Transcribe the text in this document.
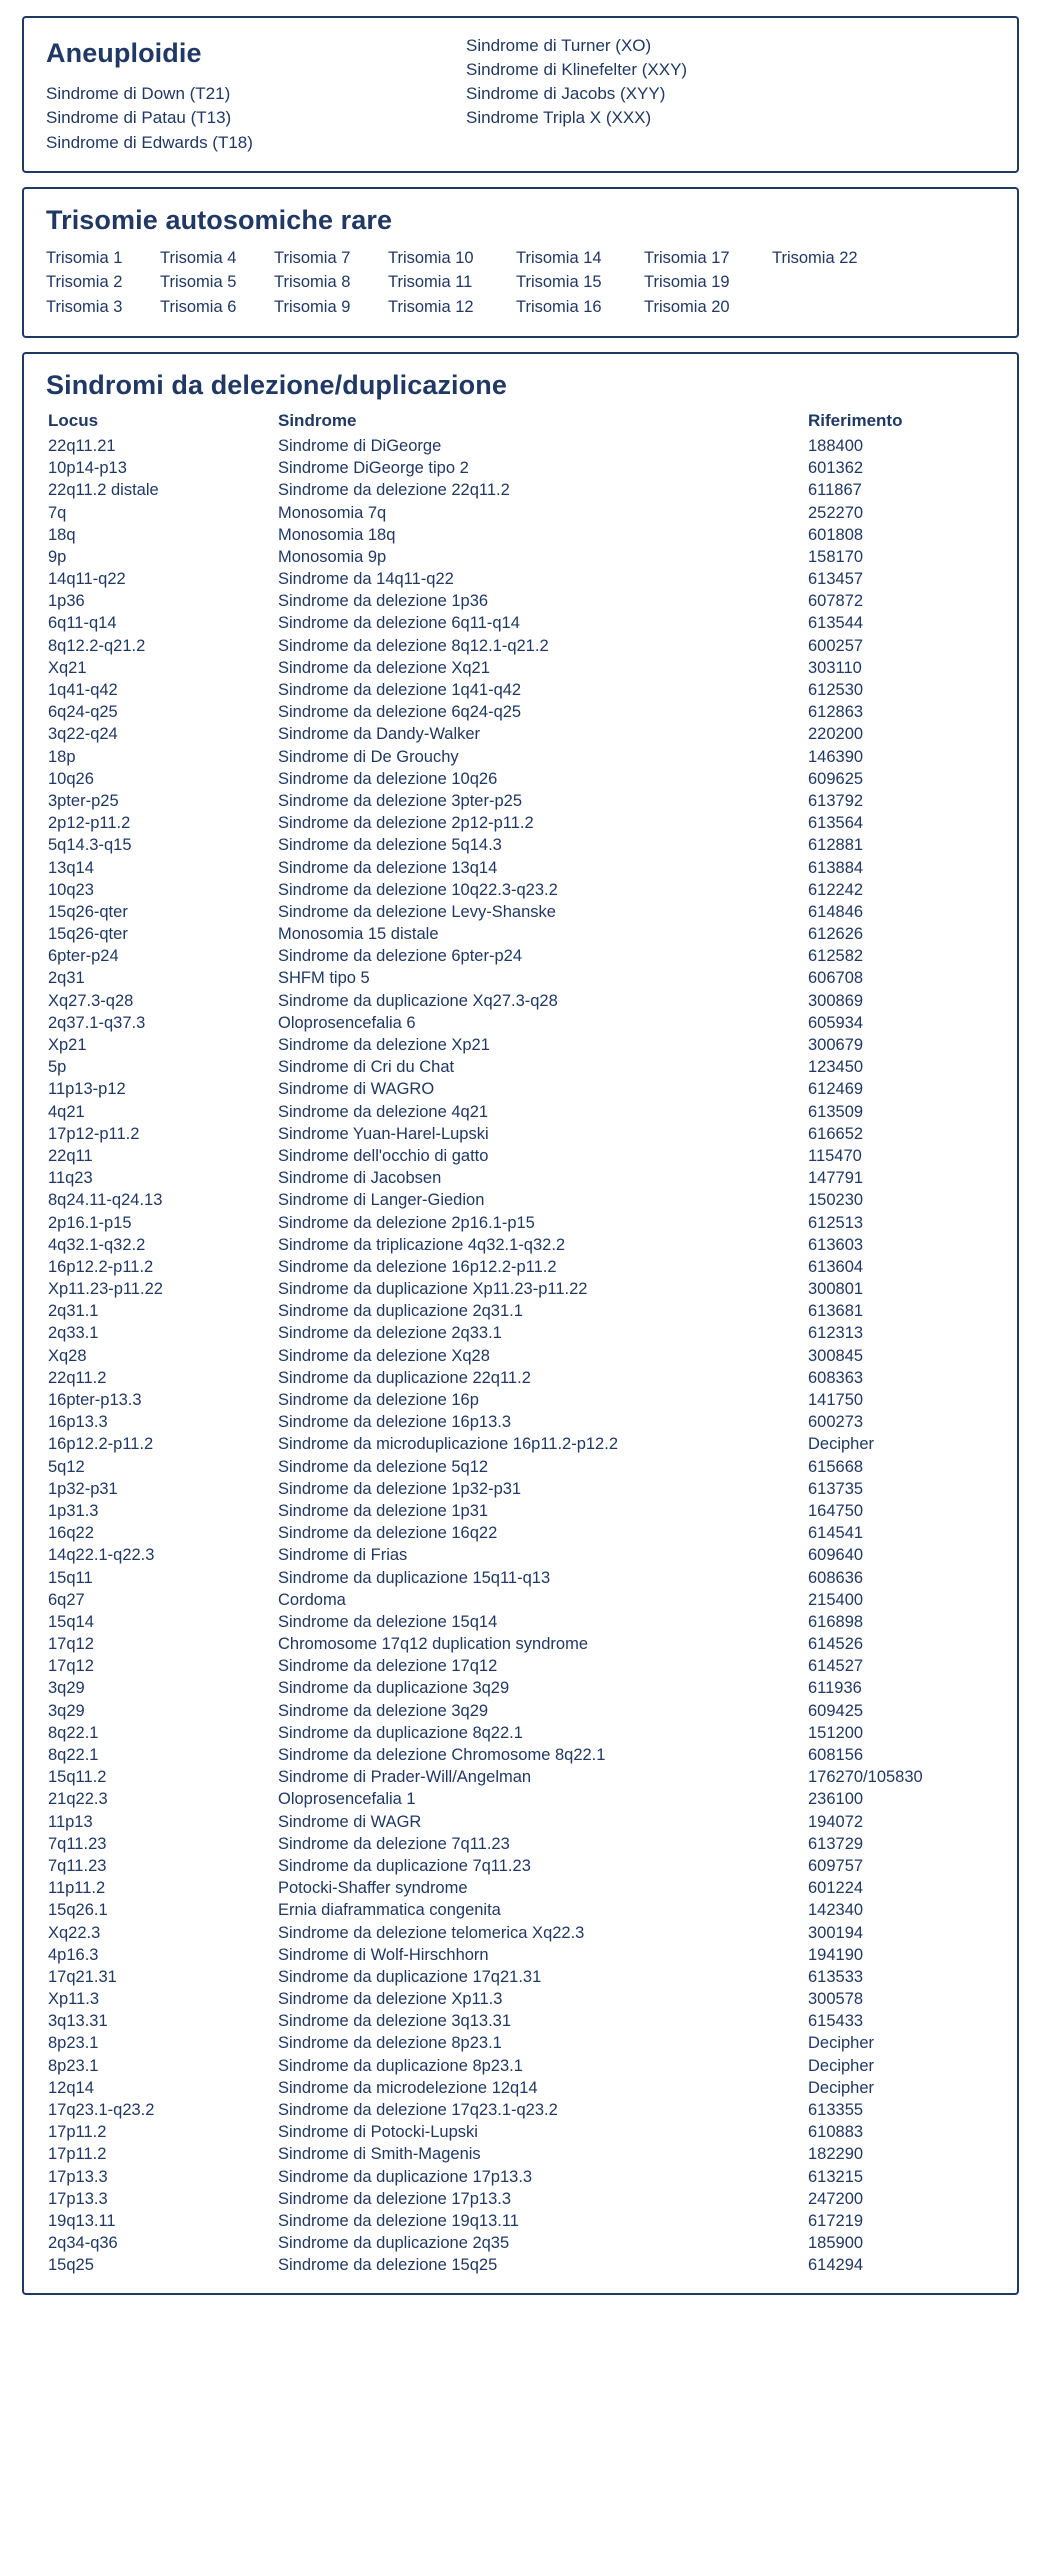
Aneuploidie
Sindrome di Down (T21)
Sindrome di Patau (T13)
Sindrome di Edwards (T18)
Sindrome di Turner (XO)
Sindrome di Klinefelter (XXY)
Sindrome di Jacobs (XYY)
Sindrome Tripla X (XXX)
Trisomie autosomiche rare
Trisomia 1	Trisomia 4	Trisomia 7	Trisomia 10	Trisomia 14	Trisomia 17	Trisomia 22
Trisomia 2	Trisomia 5	Trisomia 8	Trisomia 11	Trisomia 15	Trisomia 19
Trisomia 3	Trisomia 6	Trisomia 9	Trisomia 12	Trisomia 16	Trisomia 20
Sindromi da delezione/duplicazione
Locus	Sindrome	Riferimento
22q11.21	Sindrome di DiGeorge	188400
10p14-p13	Sindrome DiGeorge tipo 2	601362
22q11.2 distale	Sindrome da delezione 22q11.2	611867
7q	Monosomia 7q	252270
18q	Monosomia 18q	601808
9p	Monosomia 9p	158170
14q11-q22	Sindrome da 14q11-q22	613457
1p36	Sindrome da delezione 1p36	607872
6q11-q14	Sindrome da delezione 6q11-q14	613544
8q12.2-q21.2	Sindrome da delezione 8q12.1-q21.2	600257
Xq21	Sindrome da delezione Xq21	303110
1q41-q42	Sindrome da delezione 1q41-q42	612530
6q24-q25	Sindrome da delezione 6q24-q25	612863
3q22-q24	Sindrome da Dandy-Walker	220200
18p	Sindrome di De Grouchy	146390
10q26	Sindrome da delezione 10q26	609625
3pter-p25	Sindrome da delezione 3pter-p25	613792
2p12-p11.2	Sindrome da delezione 2p12-p11.2	613564
5q14.3-q15	Sindrome da delezione 5q14.3	612881
13q14	Sindrome da delezione 13q14	613884
10q23	Sindrome da delezione 10q22.3-q23.2	612242
15q26-qter	Sindrome da delezione Levy-Shanske	614846
15q26-qter	Monosomia 15 distale	612626
6pter-p24	Sindrome da delezione 6pter-p24	612582
2q31	SHFM tipo 5	606708
Xq27.3-q28	Sindrome da duplicazione Xq27.3-q28	300869
2q37.1-q37.3	Oloprosencefalia 6	605934
Xp21	Sindrome da delezione Xp21	300679
5p	Sindrome di Cri du Chat	123450
11p13-p12	Sindrome di WAGRO	612469
4q21	Sindrome da delezione 4q21	613509
17p12-p11.2	Sindrome Yuan-Harel-Lupski	616652
22q11	Sindrome dell'occhio di gatto	115470
11q23	Sindrome di Jacobsen	147791
8q24.11-q24.13	Sindrome di Langer-Giedion	150230
2p16.1-p15	Sindrome da delezione 2p16.1-p15	612513
4q32.1-q32.2	Sindrome da triplicazione 4q32.1-q32.2	613603
16p12.2-p11.2	Sindrome da delezione 16p12.2-p11.2	613604
Xp11.23-p11.22	Sindrome da duplicazione Xp11.23-p11.22	300801
2q31.1	Sindrome da duplicazione 2q31.1	613681
2q33.1	Sindrome da delezione 2q33.1	612313
Xq28	Sindrome da delezione Xq28	300845
22q11.2	Sindrome da duplicazione 22q11.2	608363
16pter-p13.3	Sindrome da delezione 16p	141750
16p13.3	Sindrome da delezione 16p13.3	600273
16p12.2-p11.2	Sindrome da microduplicazione 16p11.2-p12.2	Decipher
5q12	Sindrome da delezione 5q12	615668
1p32-p31	Sindrome da delezione 1p32-p31	613735
1p31.3	Sindrome da delezione 1p31	164750
16q22	Sindrome da delezione 16q22	614541
14q22.1-q22.3	Sindrome di Frias	609640
15q11	Sindrome da duplicazione 15q11-q13	608636
6q27	Cordoma	215400
15q14	Sindrome da delezione 15q14	616898
17q12	Chromosome 17q12 duplication syndrome	614526
17q12	Sindrome da delezione 17q12	614527
3q29	Sindrome da duplicazione 3q29	611936
3q29	Sindrome da delezione 3q29	609425
8q22.1	Sindrome da duplicazione 8q22.1	151200
8q22.1	Sindrome da delezione Chromosome 8q22.1	608156
15q11.2	Sindrome di Prader-Will/Angelman	176270/105830
21q22.3	Oloprosencefalia 1	236100
11p13	Sindrome di WAGR	194072
7q11.23	Sindrome da delezione 7q11.23	613729
7q11.23	Sindrome da duplicazione 7q11.23	609757
11p11.2	Potocki-Shaffer syndrome	601224
15q26.1	Ernia diaframmatica congenita	142340
Xq22.3	Sindrome da delezione telomerica Xq22.3	300194
4p16.3	Sindrome di Wolf-Hirschhorn	194190
17q21.31	Sindrome da duplicazione 17q21.31	613533
Xp11.3	Sindrome da delezione Xp11.3	300578
3q13.31	Sindrome da delezione 3q13.31	615433
8p23.1	Sindrome da delezione 8p23.1	Decipher
8p23.1	Sindrome da duplicazione 8p23.1	Decipher
12q14	Sindrome da microdelezione 12q14	Decipher
17q23.1-q23.2	Sindrome da delezione 17q23.1-q23.2	613355
17p11.2	Sindrome di Potocki-Lupski	610883
17p11.2	Sindrome di Smith-Magenis	182290
17p13.3	Sindrome da duplicazione 17p13.3	613215
17p13.3	Sindrome da delezione 17p13.3	247200
19q13.11	Sindrome da delezione 19q13.11	617219
2q34-q36	Sindrome da duplicazione 2q35	185900
15q25	Sindrome da delezione 15q25	614294
